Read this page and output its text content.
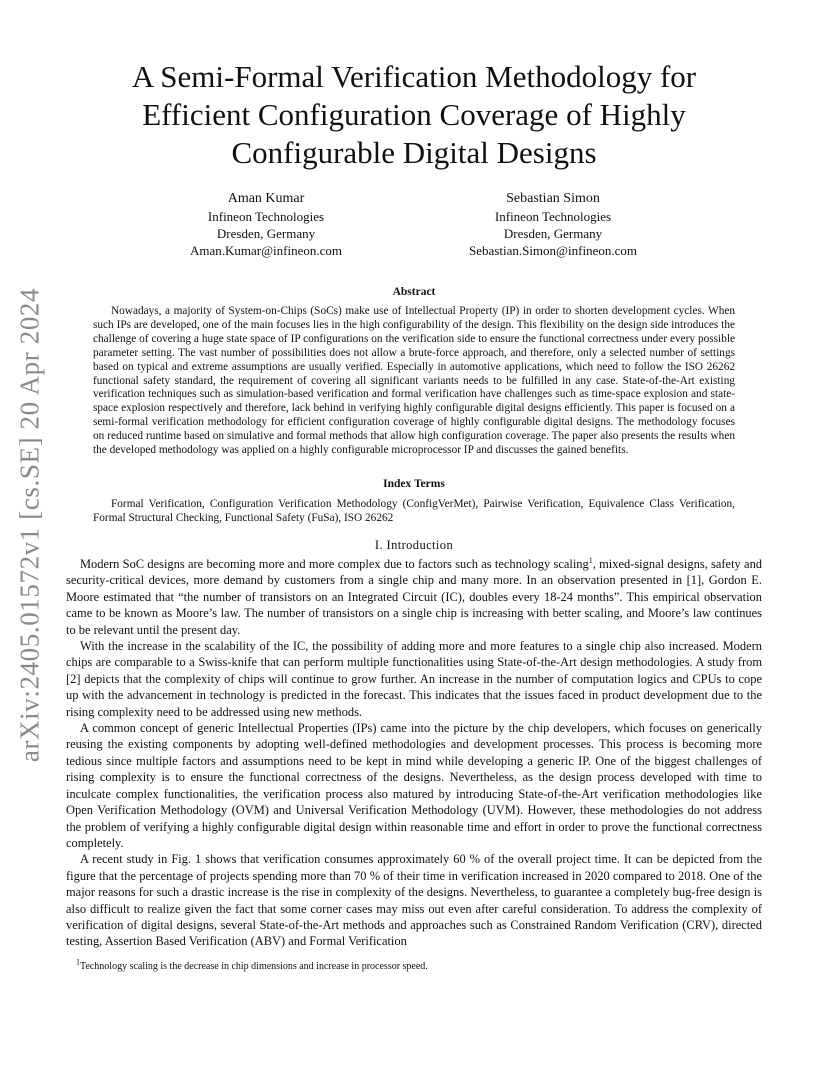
arXiv:2405.01572v1 [cs.SE] 20 Apr 2024
A Semi-Formal Verification Methodology for
Efficient Configuration Coverage of Highly
Configurable Digital Designs
Aman Kumar
Infineon Technologies
Dresden, Germany
Aman.Kumar@infineon.com
Sebastian Simon
Infineon Technologies
Dresden, Germany
Sebastian.Simon@infineon.com
Abstract

Nowadays, a majority of System-on-Chips (SoCs) make use of Intellectual Property (IP) in order to shorten development cycles. When such IPs are developed, one of the main focuses lies in the high configurability of the design. This flexibility on the design side introduces the challenge of covering a huge state space of IP configurations on the verification side to ensure the functional correctness under every possible parameter setting. The vast number of possibilities does not allow a brute-force approach, and therefore, only a selected number of settings based on typical and extreme assumptions are usually verified. Especially in automotive applications, which need to follow the ISO 26262 functional safety standard, the requirement of covering all significant variants needs to be fulfilled in any case. State-of-the-Art existing verification techniques such as simulation-based verification and formal verification have challenges such as time-space explosion and state-space explosion respectively and therefore, lack behind in verifying highly configurable digital designs efficiently. This paper is focused on a semi-formal verification methodology for efficient configuration coverage of highly configurable digital designs. The methodology focuses on reduced runtime based on simulative and formal methods that allow high configuration coverage. The paper also presents the results when the developed methodology was applied on a highly configurable microprocessor IP and discusses the gained benefits.

Index Terms

Formal Verification, Configuration Verification Methodology (ConfigVerMet), Pairwise Verification, Equivalence Class Verification, Formal Structural Checking, Functional Safety (FuSa), ISO 26262

I. Introduction

Modern SoC designs are becoming more and more complex due to factors such as technology scaling$^1$, mixed-signal designs, safety and security-critical devices, more demand by customers from a single chip and many more. In an observation presented in [1], Gordon E. Moore estimated that “the number of transistors on an Integrated Circuit (IC), doubles every 18-24 months”. This empirical observation came to be known as Moore’s law. The number of transistors on a single chip is increasing with better scaling, and Moore’s law continues to be relevant until the present day.

With the increase in the scalability of the IC, the possibility of adding more and more features to a single chip also increased. Modern chips are comparable to a Swiss-knife that can perform multiple functionalities using State-of-the-Art design methodologies. A study from [2] depicts that the complexity of chips will continue to grow further. An increase in the number of computation logics and CPUs to cope up with the advancement in technology is predicted in the forecast. This indicates that the issues faced in product development due to the rising complexity need to be addressed using new methods.

A common concept of generic Intellectual Properties (IPs) came into the picture by the chip developers, which focuses on generically reusing the existing components by adopting well-defined methodologies and development processes. This process is becoming more tedious since multiple factors and assumptions need to be kept in mind while developing a generic IP. One of the biggest challenges of rising complexity is to ensure the functional correctness of the designs. Nevertheless, as the design process developed with time to inculcate complex functionalities, the verification process also matured by introducing State-of-the-Art verification methodologies like Open Verification Methodology (OVM) and Universal Verification Methodology (UVM). However, these methodologies do not address the problem of verifying a highly configurable digital design within reasonable time and effort in order to prove the functional correctness completely.

A recent study in Fig. 1 shows that verification consumes approximately 60 % of the overall project time. It can be depicted from the figure that the percentage of projects spending more than 70 % of their time in verification increased in 2020 compared to 2018. One of the major reasons for such a drastic increase is the rise in complexity of the designs. Nevertheless, to guarantee a completely bug-free design is also difficult to realize given the fact that some corner cases may miss out even after careful consideration. To address the complexity of verification of digital designs, several State-of-the-Art methods and approaches such as Constrained Random Verification (CRV), directed testing, Assertion Based Verification (ABV) and Formal Verification

$^1$Technology scaling is the decrease in chip dimensions and increase in processor speed.
